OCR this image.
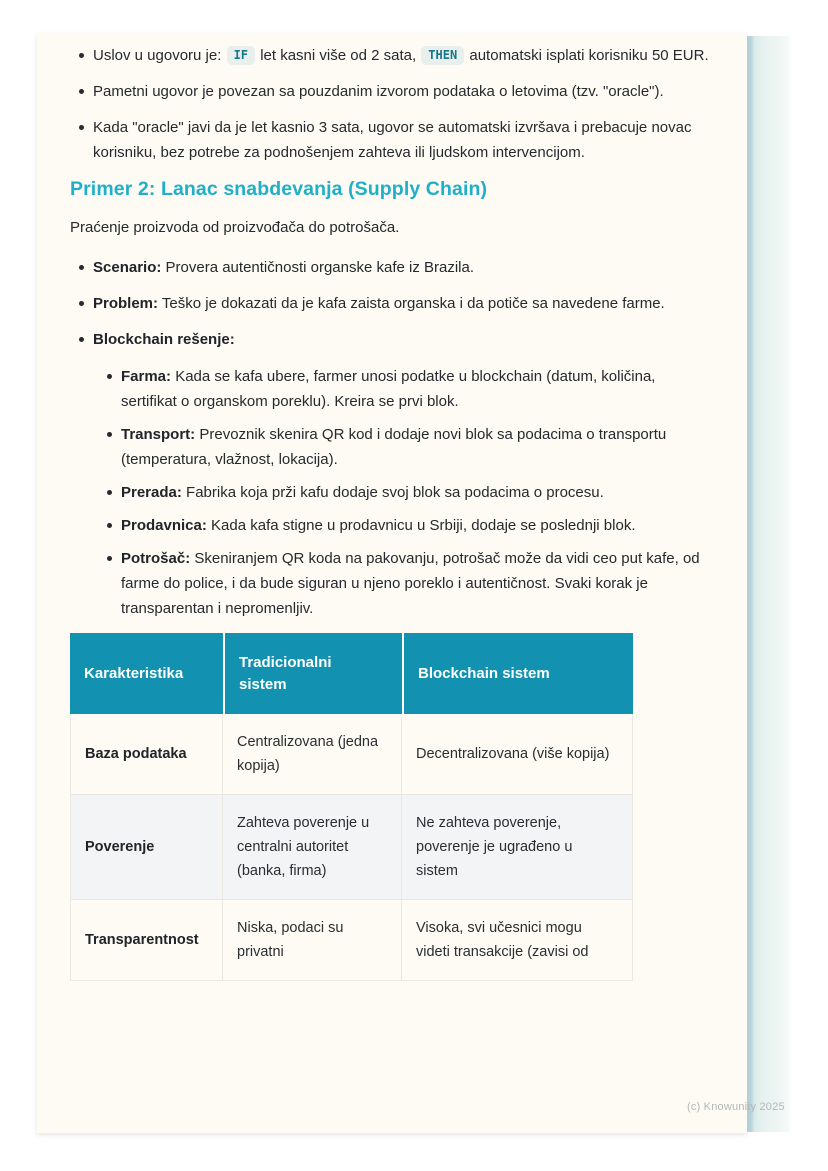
Uslov u ugovoru je: IF let kasni više od 2 sata, THEN automatski isplati korisniku 50 EUR.
Pametni ugovor je povezan sa pouzdanim izvorom podataka o letovima (tzv. "oracle").
Kada "oracle" javi da je let kasnio 3 sata, ugovor se automatski izvršava i prebacuje novac korisniku, bez potrebe za podnošenjem zahteva ili ljudskom intervencijom.
Primer 2: Lanac snabdevanja (Supply Chain)

Praćenje proizvoda od proizvođača do potrošača.

Scenario: Provera autentičnosti organske kafe iz Brazila.
Problem: Teško je dokazati da je kafa zaista organska i da potiče sa navedene farme.
Blockchain rešenje:
Farma: Kada se kafa ubere, farmer unosi podatke u blockchain (datum, količina, sertifikat o organskom poreklu). Kreira se prvi blok.
Transport: Prevoznik skenira QR kod i dodaje novi blok sa podacima o transportu (temperatura, vlažnost, lokacija).
Prerada: Fabrika koja prži kafu dodaje svoj blok sa podacima o procesu.
Prodavnica: Kada kafa stigne u prodavnicu u Srbiji, dodaje se poslednji blok.
Potrošač: Skeniranjem QR koda na pakovanju, potrošač može da vidi ceo put kafe, od farme do police, i da bude siguran u njeno poreklo i autentičnost. Svaki korak je transparentan i nepromenljiv.
Karakteristika	Tradicionalni sistem	Blockchain sistem
Baza podataka	Centralizovana (jedna kopija)	Decentralizovana (više kopija)
Poverenje	Zahteva poverenje u centralni autoritet (banka, firma)	Ne zahteva poverenje, poverenje je ugrađeno u sistem
Transparentnost	Niska, podaci su privatni	Visoka, svi učesnici mogu videti transakcije (zavisi od
(c) Knowunity 2025
